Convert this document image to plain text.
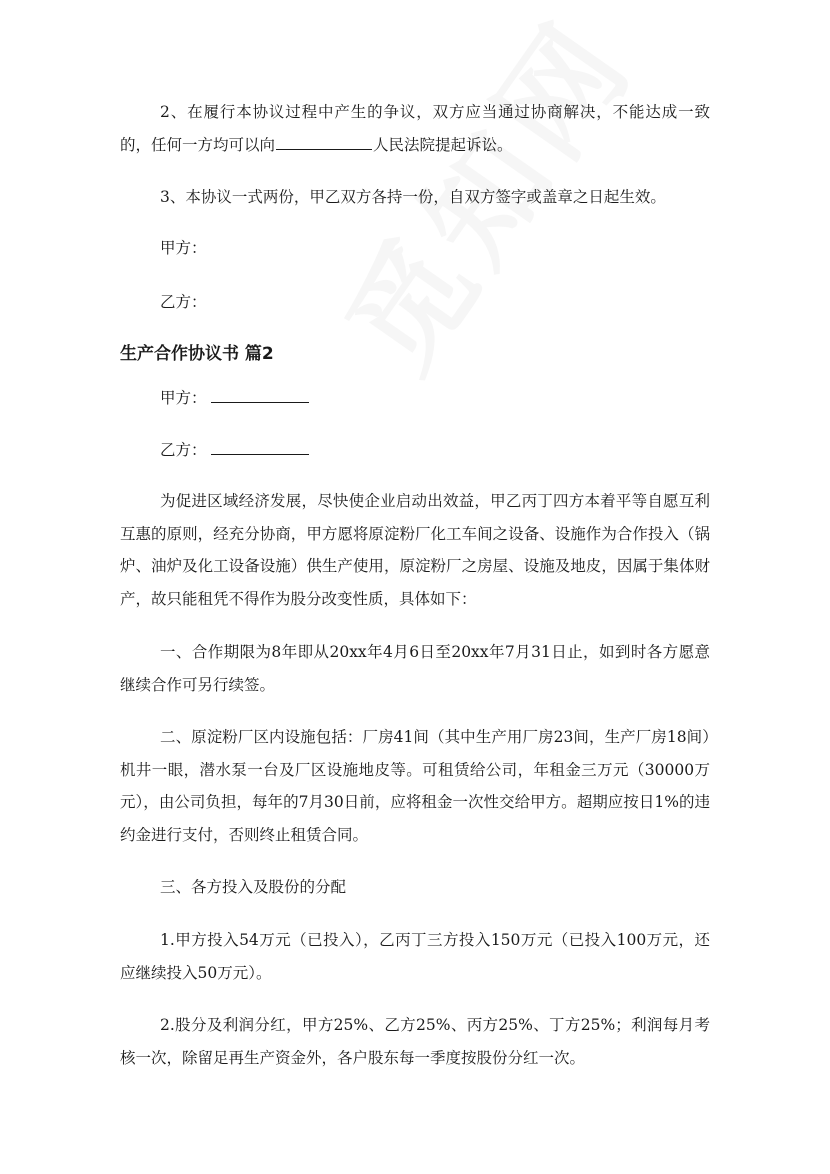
2、在履行本协议过程中产生的争议，双方应当通过协商解决，不能达成一致的，任何一方均可以向	人民法院提起诉讼。

3、本协议一式两份，甲乙双方各持一份，自双方签字或盖章之日起生效。

甲方：

乙方：

生产合作协议书 篇2

甲方：

乙方：

为促进区域经济发展，尽快使企业启动出效益，甲乙丙丁四方本着平等自愿互利互惠的原则，经充分协商，甲方愿将原淀粉厂化工车间之设备、设施作为合作投入（锅炉、油炉及化工设备设施）供生产使用，原淀粉厂之房屋、设施及地皮，因属于集体财产，故只能租凭不得作为股分改变性质，具体如下：

一、合作期限为8年即从20xx年4月6日至20xx年7月31日止，如到时各方愿意继续合作可另行续签。

二、原淀粉厂区内设施包括：厂房41间（其中生产用厂房23间，生产厂房18间）机井一眼，潜水泵一台及厂区设施地皮等。可租赁给公司，年租金三万元（30000万元），由公司负担，每年的7月30日前，应将租金一次性交给甲方。超期应按日1%的违约金进行支付，否则终止租赁合同。

三、各方投入及股份的分配

1.甲方投入54万元（已投入），乙丙丁三方投入150万元（已投入100万元，还应继续投入50万元）。

2.股分及利润分红，甲方25%、乙方25%、丙方25%、丁方25%；利润每月考核一次，除留足再生产资金外，各户股东每一季度按股份分红一次。
